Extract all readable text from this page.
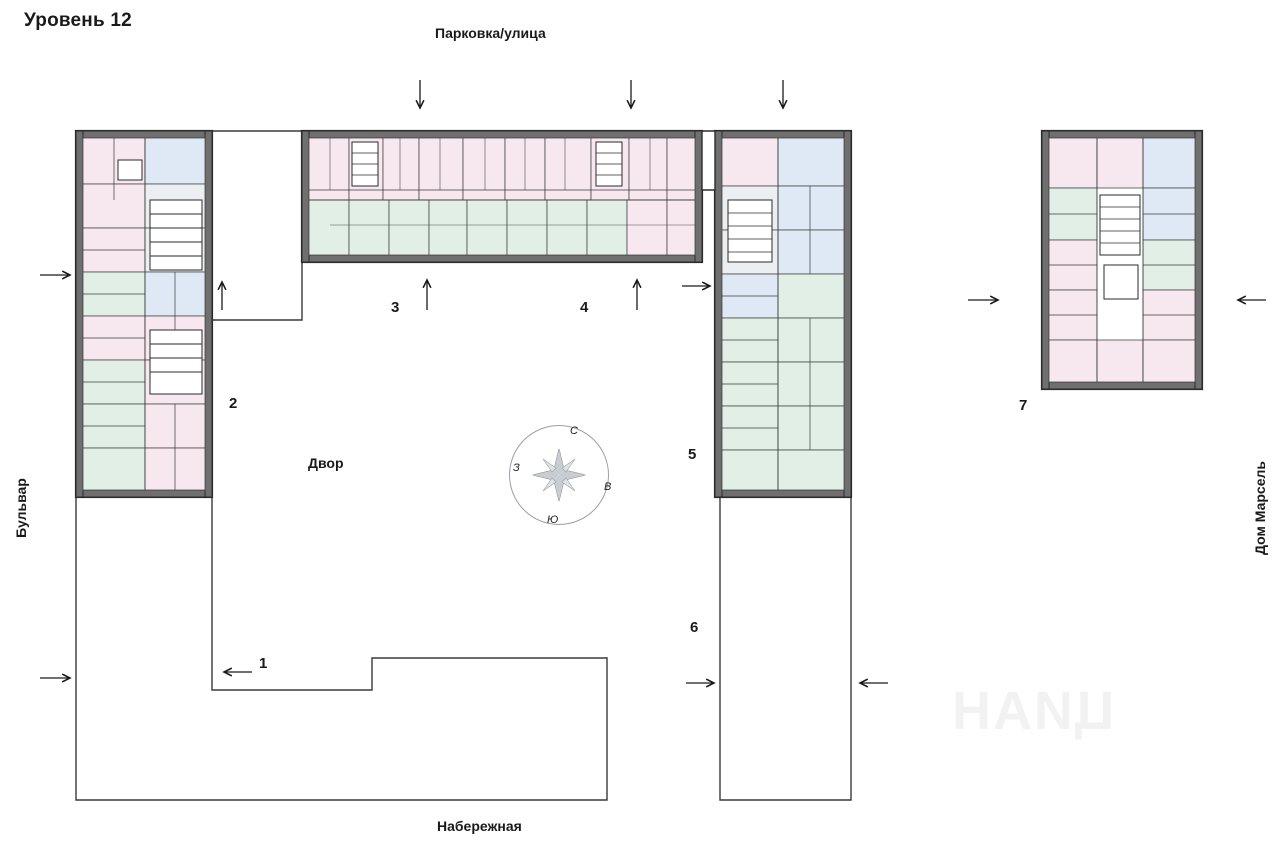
Уровень 12
ЦИАН
Парковка/улица
Набережная
Бульвар	Дом Марсель
Двор
1
2
3	4
5
6
7
С
Ю
З
В
